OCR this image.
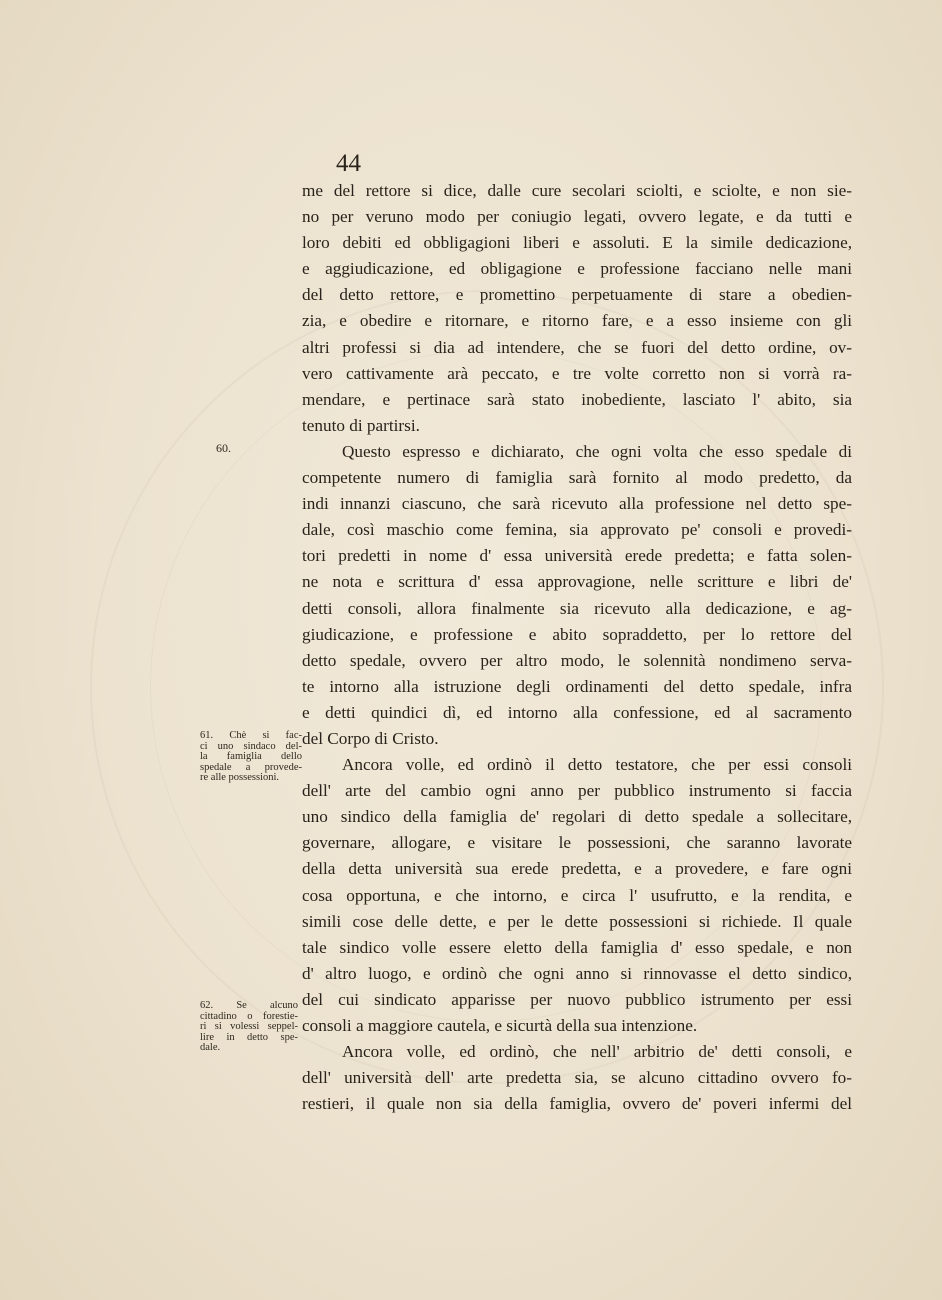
44
me del rettore si dice, dalle cure secolari sciolti, e sciolte, e non sie-
no per veruno modo per coniugio legati, ovvero legate, e da tutti e
loro debiti ed obbligagioni liberi e assoluti. E la simile dedicazione,
e aggiudicazione, ed obligagione e professione facciano nelle mani
del detto rettore, e promettino perpetuamente di stare a obedien-
zia, e obedire e ritornare, e ritorno fare, e a esso insieme con gli
altri professi si dia ad intendere, che se fuori del detto ordine, ov-
vero cattivamente arà peccato, e tre volte corretto non si vorrà ra-
mendare, e pertinace sarà stato inobediente, lasciato l' abito, sia
tenuto di partirsi.
Questo espresso e dichiarato, che ogni volta che esso spedale di
competente numero di famiglia sarà fornito al modo predetto, da
indi innanzi ciascuno, che sarà ricevuto alla professione nel detto spe-
dale, così maschio come femina, sia approvato pe' consoli e provedi-
tori predetti in nome d' essa università erede predetta; e fatta solen-
ne nota e scrittura d' essa approvagione, nelle scritture e libri de'
detti consoli, allora finalmente sia ricevuto alla dedicazione, e ag-
giudicazione, e professione e abito sopraddetto, per lo rettore del
detto spedale, ovvero per altro modo, le solennità nondimeno serva-
te intorno alla istruzione degli ordinamenti del detto spedale, infra
e detti quindici dì, ed intorno alla confessione, ed al sacramento
del Corpo di Cristo.
Ancora volle, ed ordinò il detto testatore, che per essi consoli
dell' arte del cambio ogni anno per pubblico instrumento si faccia
uno sindico della famiglia de' regolari di detto spedale a sollecitare,
governare, allogare, e visitare le possessioni, che saranno lavorate
della detta università sua erede predetta, e a provedere, e fare ogni
cosa opportuna, e che intorno, e circa l' usufrutto, e la rendita, e
simili cose delle dette, e per le dette possessioni si richiede. Il quale
tale sindico volle essere eletto della famiglia d' esso spedale, e non
d' altro luogo, e ordinò che ogni anno si rinnovasse el detto sindico,
del cui sindicato apparisse per nuovo pubblico istrumento per essi
consoli a maggiore cautela, e sicurtà della sua intenzione.
Ancora volle, ed ordinò, che nell' arbitrio de' detti consoli, e
dell' università dell' arte predetta sia, se alcuno cittadino ovvero fo-
restieri, il quale non sia della famiglia, ovvero de' poveri infermi del
60.
61. Chè si fac-
ci uno sindaco del-
la famiglia dello
spedale a provede-
re alle possessioni.
62. Se alcuno
cittadino o forestie-
ri si volessi seppel-
lire in detto spe-
dale.
